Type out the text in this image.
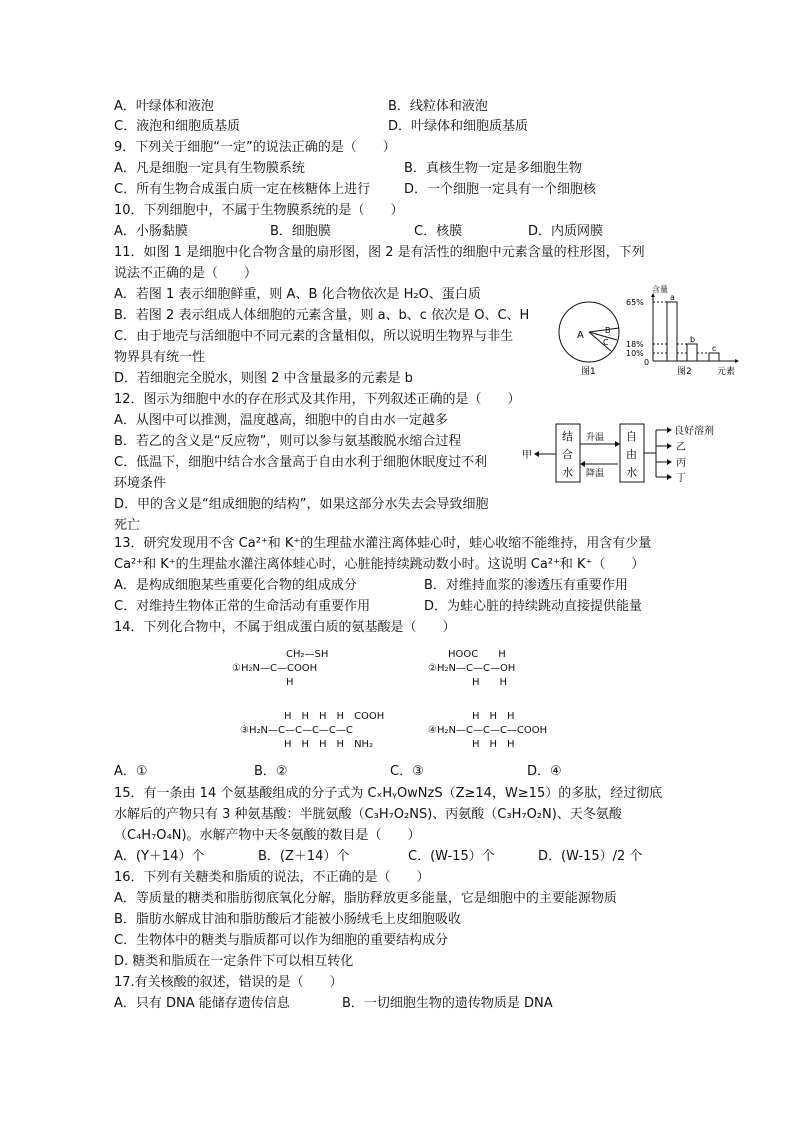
A．叶绿体和液泡	B．线粒体和液泡
C．液泡和细胞质基质	D．叶绿体和细胞质基质
9．下列关于细胞“一定”的说法正确的是（　　）
A．凡是细胞一定具有生物膜系统	B．真核生物一定是多细胞生物
C．所有生物合成蛋白质一定在核糖体上进行	D．一个细胞一定具有一个细胞核
10．下列细胞中，不属于生物膜系统的是（　　）
A．小肠黏膜	B．细胞膜	C．核膜	D．内质网膜
11．如图 1 是细胞中化合物含量的扇形图，图 2 是有活性的细胞中元素含量的柱形图，下列
说法不正确的是（　　）
A．若图 1 表示细胞鲜重，则 A、B 化合物依次是 H₂O、蛋白质
B．若图 2 表示组成人体细胞的元素含量，则 a、b、c 依次是 O、C、H
C．由于地壳与活细胞中不同元素的含量相似，所以说明生物界与非生
物界具有统一性
D．若细胞完全脱水，则图 2 中含量最多的元素是 b
A	B
C
图1
含量
65%
18%
10%
0
a
b
c
图2	元素
12．图示为细胞中水的存在形式及其作用，下列叙述正确的是（　　）
A．从图中可以推测，温度越高，细胞中的自由水一定越多
B．若乙的含义是“反应物”，则可以参与氨基酸脱水缩合过程
C．低温下，细胞中结合水含量高于自由水利于细胞休眠度过不利
环境条件
D．甲的含义是“组成细胞的结构”，如果这部分水失去会导致细胞
死亡
甲
结
合
水
升温
降温
自
由
水
良好溶剂
乙
丙
丁
13．研究发现用不含 Ca²⁺和 K⁺的生理盐水灌注离体蛙心时，蛙心收缩不能维持，用含有少量
Ca²⁺和 K⁺的生理盐水灌注离体蛙心时，心脏能持续跳动数小时。这说明 Ca²⁺和 K⁺（　　）
A．是构成细胞某些重要化合物的组成成分	B．对维持血浆的渗透压有重要作用
C．对维持生物体正常的生命活动有重要作用	D．为蛙心脏的持续跳动直接提供能量
14．下列化合物中，不属于组成蛋白质的氨基酸是（　　）
CH₂—SH
①H₂N—C—COOH
H
HOOC　　H
②H₂N—C—C—OH
H　　H
H　H　H　H　COOH
③H₂N—C—C—C—C—C
H　H　H　H　NH₂
H　H　H
④H₂N—C—C—C—COOH
H　H　H
A．①	B．②	C．③	D．④
15．有一条由 14 个氨基酸组成的分子式为 CₓHᵧOwNzS（Z≥14，W≥15）的多肽，经过彻底
水解后的产物只有 3 种氨基酸：半胱氨酸（C₃H₇O₂NS)、丙氨酸（C₃H₇O₂N)、天冬氨酸
（C₄H₇O₄N)。水解产物中天冬氨酸的数目是（　　）
A．(Y＋14）个	B．(Z＋14）个	C．(W-15）个	D．(W-15）/2 个
16．下列有关糖类和脂质的说法，不正确的是（　　）
A．等质量的糖类和脂肪彻底氧化分解，脂肪释放更多能量，它是细胞中的主要能源物质
B．脂肪水解成甘油和脂肪酸后才能被小肠绒毛上皮细胞吸收
C．生物体中的糖类与脂质都可以作为细胞的重要结构成分
D. 糖类和脂质在一定条件下可以相互转化
17.有关核酸的叙述，错误的是（　　）
A．只有 DNA 能储存遗传信息	B．一切细胞生物的遗传物质是 DNA
